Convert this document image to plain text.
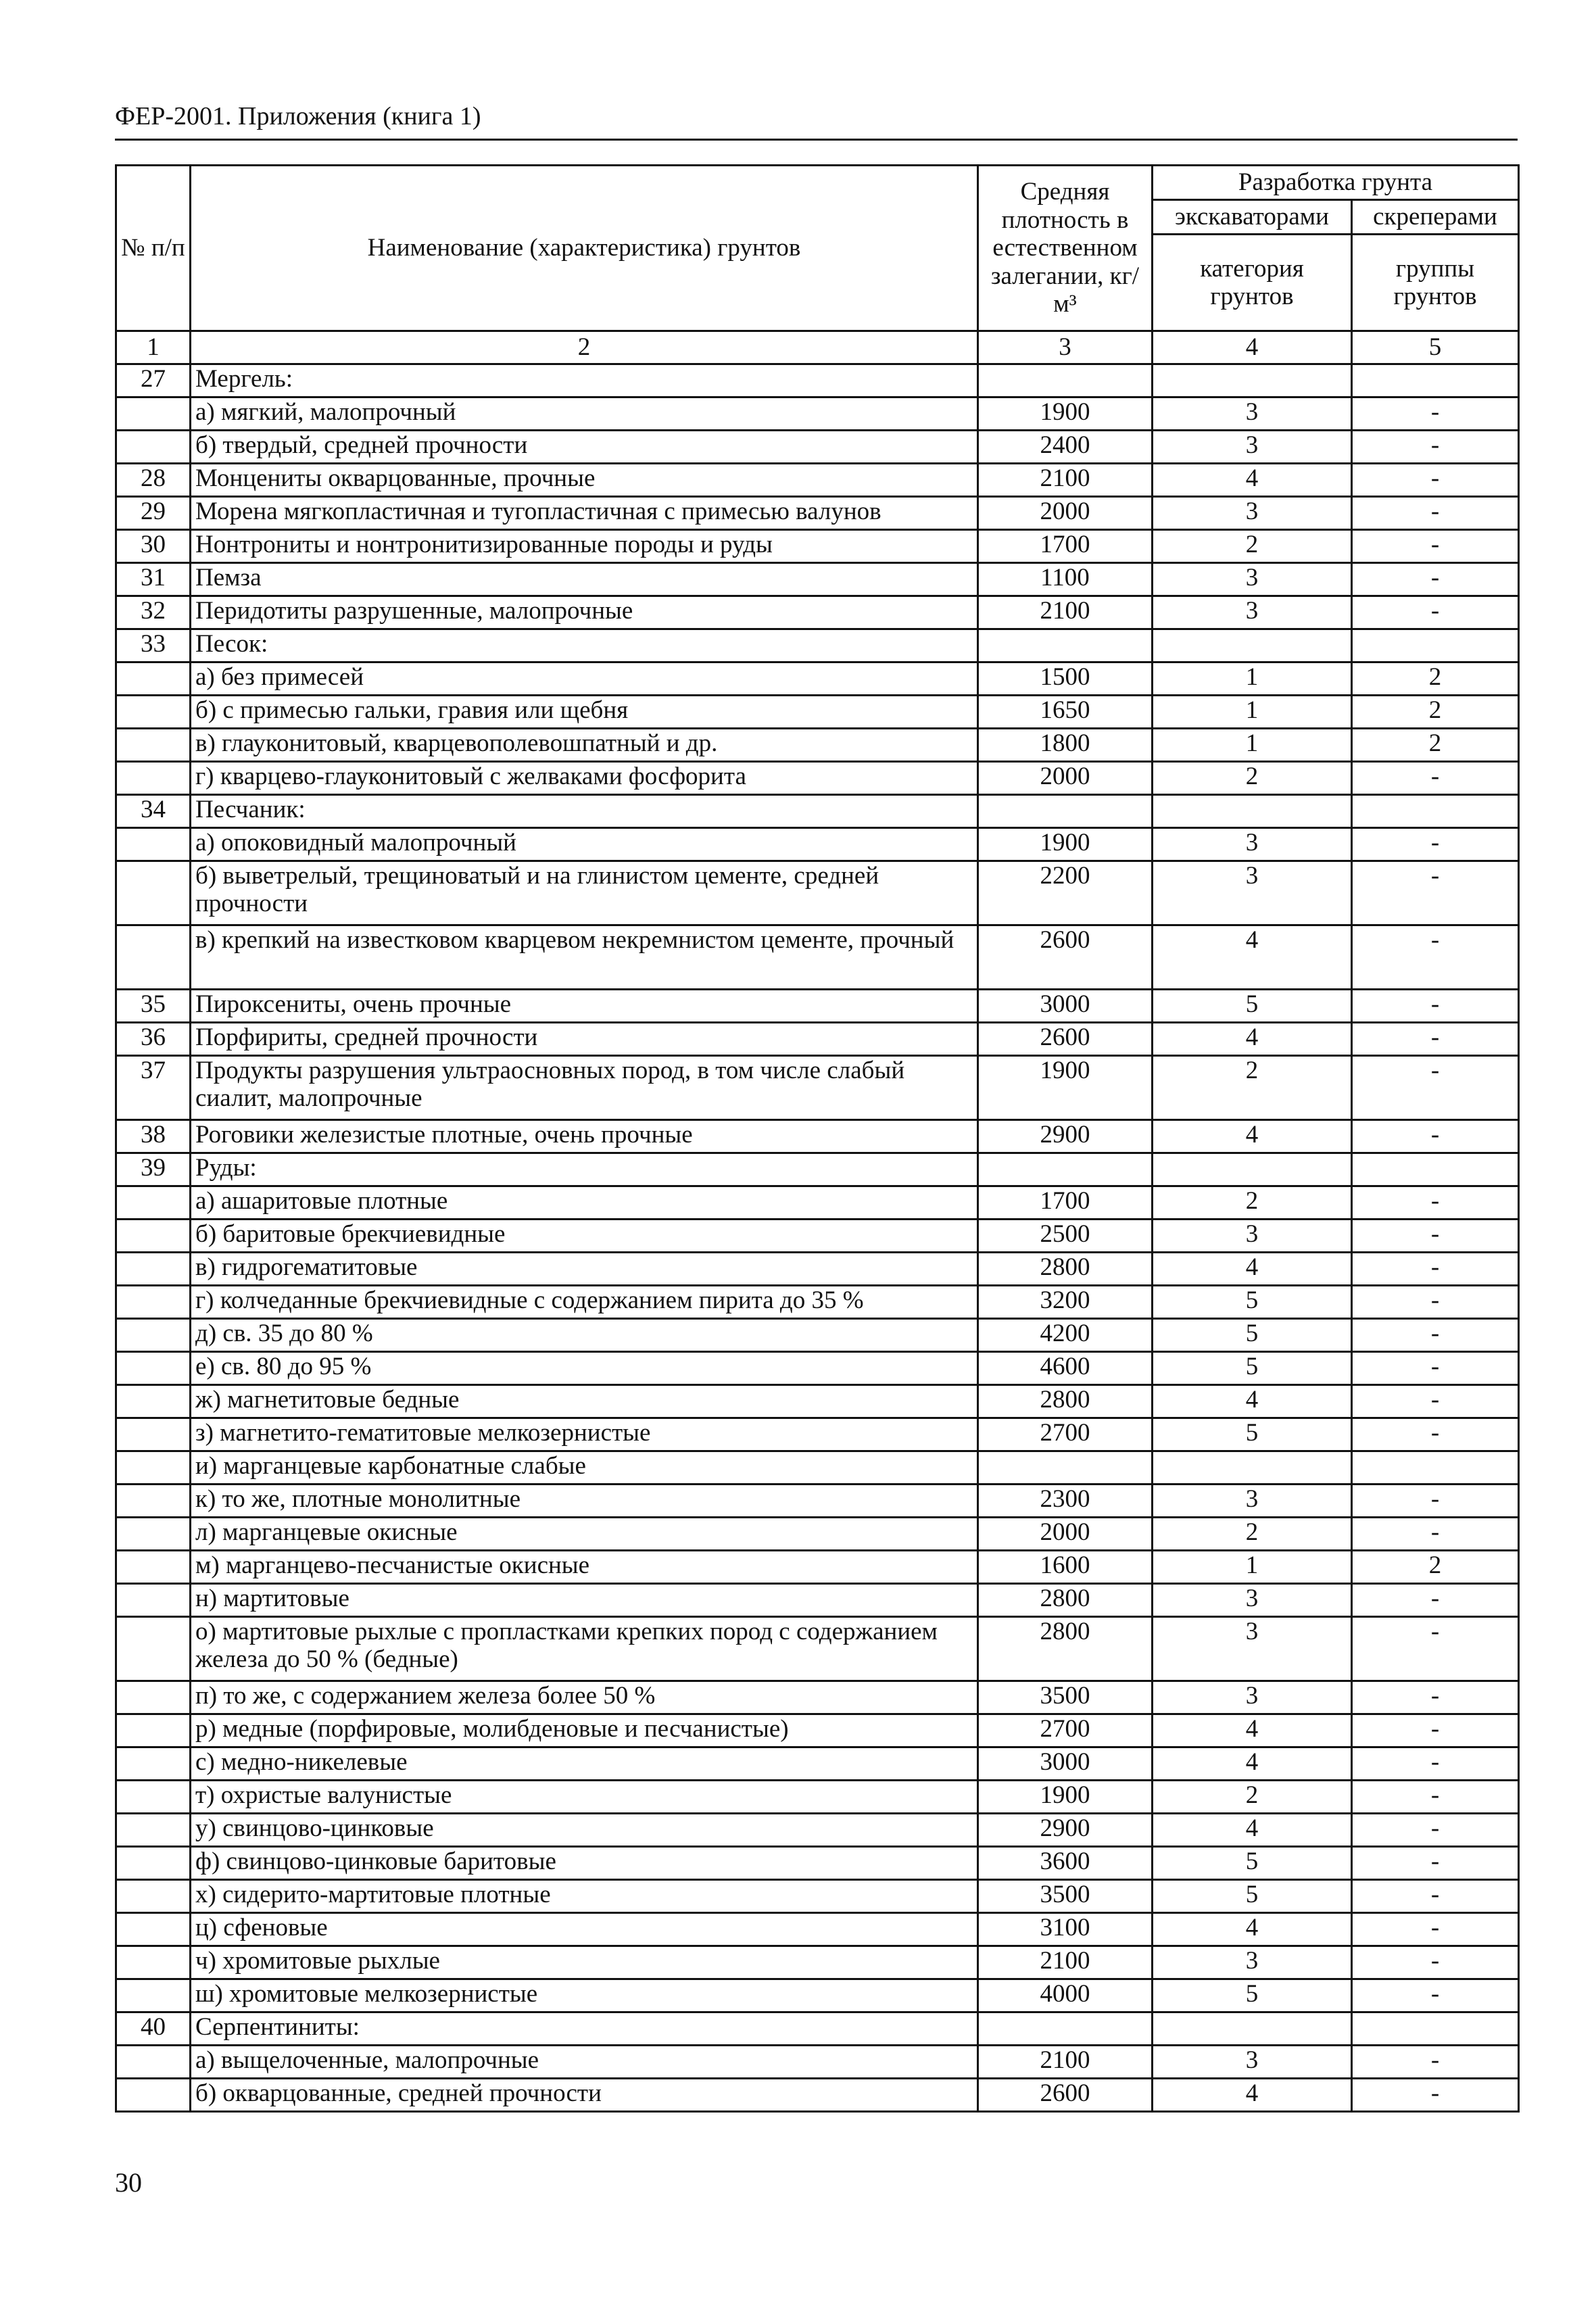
ФЕР-2001. Приложения (книга 1)
№ п/п	Наименование (характеристика) грунтов	Средняя плотность в естественном залегании, кг/м³	Разработка грунта	
			экскаваторами	скреперами
			категория грунтов	группы грунтов
1	2	3	4	5
27	Мергель:			
	а) мягкий, малопрочный	1900	3	-
	б) твердый, средней прочности	2400	3	-
28	Монцениты окварцованные, прочные	2100	4	-
29	Морена мягкопластичная и тугопластичная с примесью валунов	2000	3	-
30	Нонтрониты и нонтронитизированные породы и руды	1700	2	-
31	Пемза	1100	3	-
32	Перидотиты разрушенные, малопрочные	2100	3	-
33	Песок:			
	а) без примесей	1500	1	2
	б) с примесью гальки, гравия или щебня	1650	1	2
	в) глауконитовый, кварцевополевошпатный и др.	1800	1	2
	г) кварцево-глауконитовый с желваками фосфорита	2000	2	-
34	Песчаник:			
	а) опоковидный малопрочный	1900	3	-
	б) выветрелый, трещиноватый и на глинистом цементе, средней прочности	2200	3	-
	в) крепкий на известковом кварцевом некремнистом цементе, прочный	2600	4	-
35	Пироксениты, очень прочные	3000	5	-
36	Порфириты, средней прочности	2600	4	-
37	Продукты разрушения ультраосновных пород, в том числе слабый сиалит, малопрочные	1900	2	-
38	Роговики железистые плотные, очень прочные	2900	4	-
39	Руды:			
	а) ашаритовые плотные	1700	2	-
	б) баритовые брекчиевидные	2500	3	-
	в) гидрогематитовые	2800	4	-
	г) колчеданные брекчиевидные с содержанием пирита до 35 %	3200	5	-
	д) св. 35 до 80 %	4200	5	-
	е) св. 80 до 95 %	4600	5	-
	ж) магнетитовые бедные	2800	4	-
	з) магнетито-гематитовые мелкозернистые	2700	5	-
	и) марганцевые карбонатные слабые			
	к) то же, плотные монолитные	2300	3	-
	л) марганцевые окисные	2000	2	-
	м) марганцево-песчанистые окисные	1600	1	2
	н) мартитовые	2800	3	-
	о) мартитовые рыхлые с пропластками крепких пород с содержанием железа до 50 % (бедные)	2800	3	-
	п) то же, с содержанием железа более 50 %	3500	3	-
	р) медные (порфировые, молибденовые и песчанистые)	2700	4	-
	с) медно-никелевые	3000	4	-
	т) охристые валунистые	1900	2	-
	у) свинцово-цинковые	2900	4	-
	ф) свинцово-цинковые баритовые	3600	5	-
	х) сидерито-мартитовые плотные	3500	5	-
	ц) сфеновые	3100	4	-
	ч) хромитовые рыхлые	2100	3	-
	ш) хромитовые мелкозернистые	4000	5	-
40	Серпентиниты:			
	а) выщелоченные, малопрочные	2100	3	-
	б) окварцованные, средней прочности	2600	4	-
30
